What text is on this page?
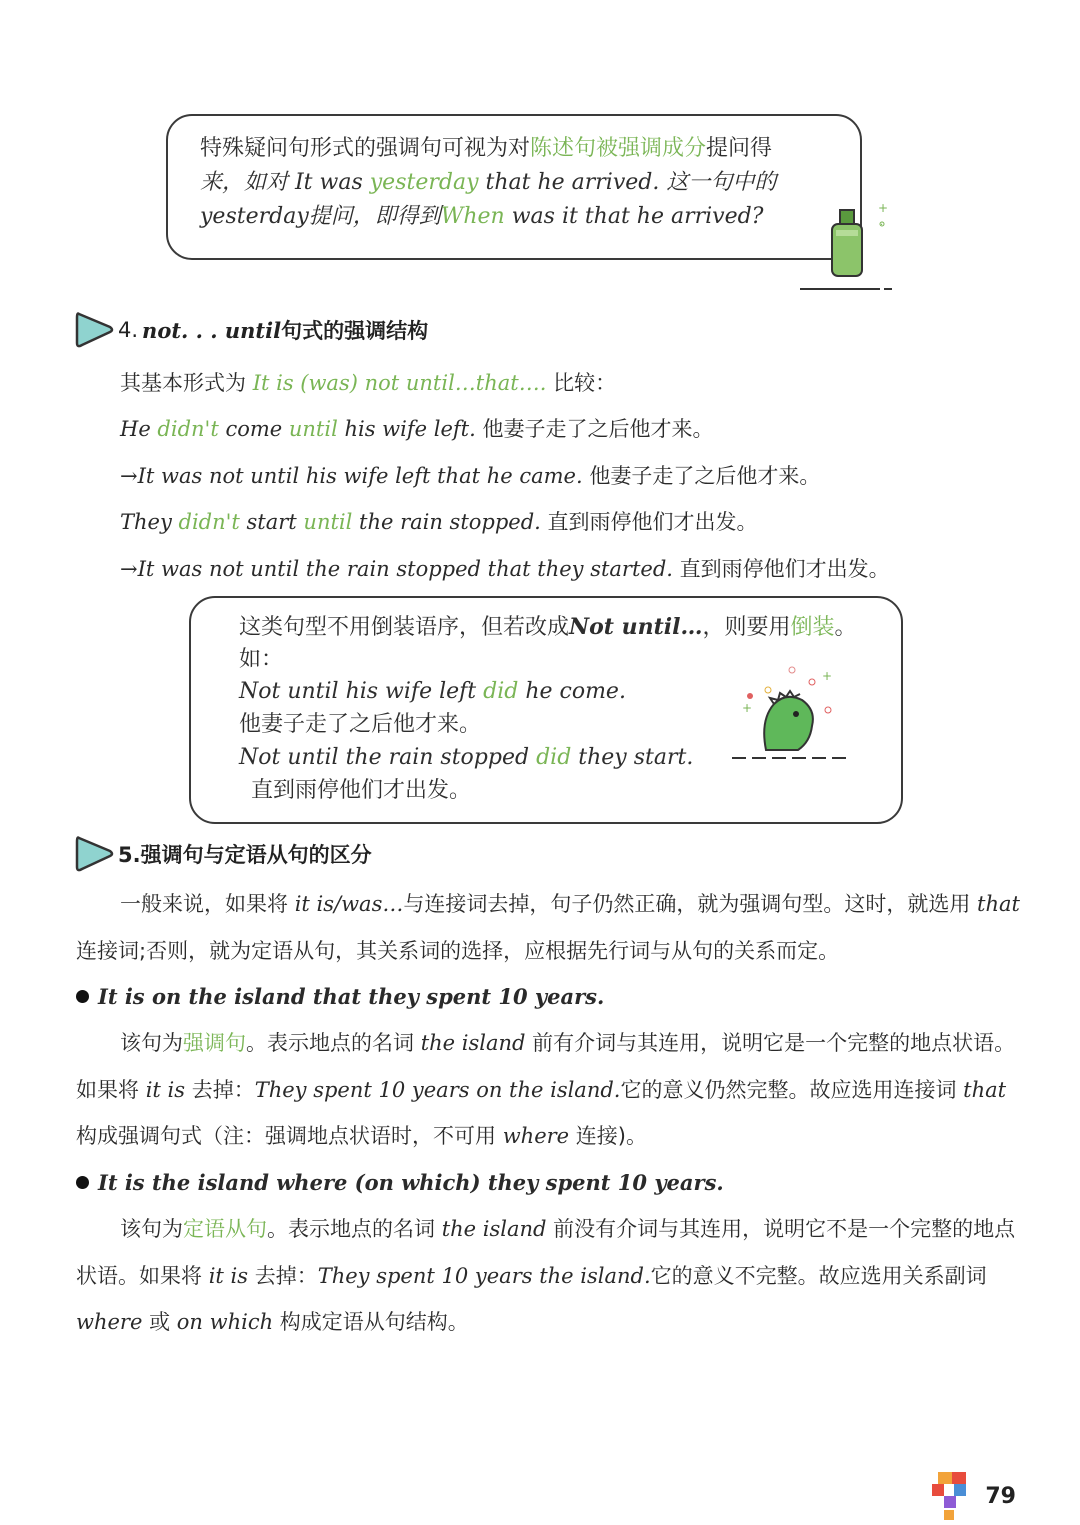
特殊疑问句形式的强调句可视为对陈述句被强调成分提问得

来，如对 It was yesterday that he arrived. 这一句中的

yesterday提问，即得到When was it that he arrived?	+
·
4. not. . . until 句式的强调结构

其基本形式为 It is (was) not until…that…. 比较：

He didn't come until his wife left. 他妻子走了之后他才来。

→It was not until his wife left that he came. 他妻子走了之后他才来。

They didn't start until the rain stopped. 直到雨停他们才出发。

→It was not until the rain stopped that they started. 直到雨停他们才出发。

这类句型不用倒装语序，但若改成Not until…，则要用倒装。

如：

Not until his wife left did he come.

他妻子走了之后他才来。

Not until the rain stopped did they start.

直到雨停他们才出发。

+
+
5.强调句与定语从句的区分

一般来说，如果将 it is/was…与连接词去掉，句子仍然正确，就为强调句型。这时，就选用 that 连接词;否则，就为定语从句，其关系词的选择，应根据先行词与从句的关系而定。

It is on the island that they spent 10 years.

该句为强调句。表示地点的名词 the island 前有介词与其连用，说明它是一个完整的地点状语。如果将 it is 去掉：They spent 10 years on the island.它的意义仍然完整。故应选用连接词 that 构成强调句式（注：强调地点状语时，不可用 where 连接)。

It is the island where (on which) they spent 10 years.

该句为定语从句。表示地点的名词 the island 前没有介词与其连用，说明它不是一个完整的地点状语。如果将 it is 去掉：They spent 10 years the island.它的意义不完整。故应选用关系副词 where 或 on which 构成定语从句结构。

79
